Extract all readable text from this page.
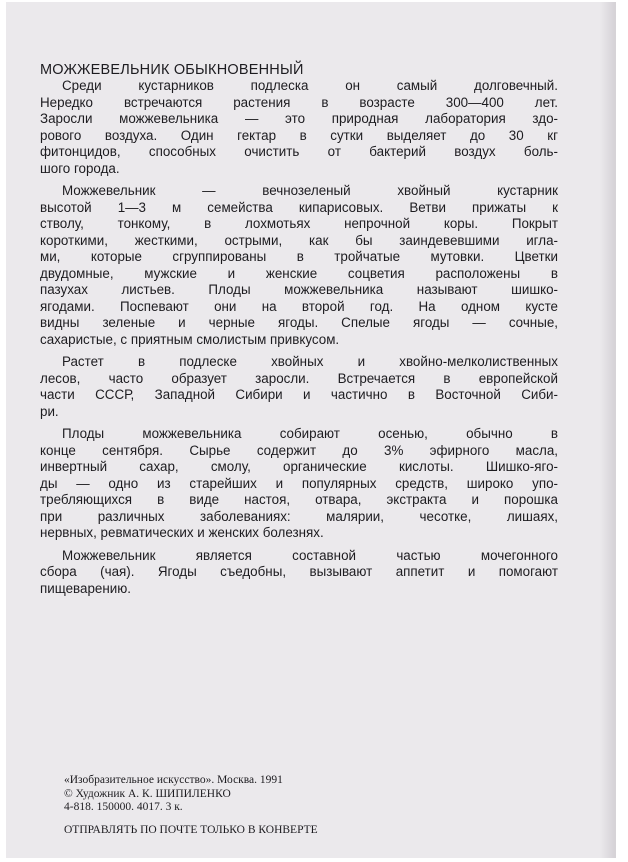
МОЖЖЕВЕЛЬНИК ОБЫКНОВЕННЫЙ
Среди кустарников подлеска он самый долговечный.
Нередко встречаются растения в возрасте 300—400 лет.
Заросли можжевельника — это природная лаборатория здо-
рового воздуха. Один гектар в сутки выделяет до 30 кг
фитонцидов, способных очистить от бактерий воздух боль-
шого города.
Можжевельник — вечнозеленый хвойный кустарник
высотой 1—3 м семейства кипарисовых. Ветви прижаты к
стволу, тонкому, в лохмотьях непрочной коры. Покрыт
короткими, жесткими, острыми, как бы заиндевевшими игла-
ми, которые сгруппированы в тройчатые мутовки. Цветки
двудомные, мужские и женские соцветия расположены в
пазухах листьев. Плоды можжевельника называют шишко-
ягодами. Поспевают они на второй год. На одном кусте
видны зеленые и черные ягоды. Спелые ягоды — сочные,
сахаристые, с приятным смолистым привкусом.
Растет в подлеске хвойных и хвойно-мелколиственных
лесов, часто образует заросли. Встречается в европейской
части СССР, Западной Сибири и частично в Восточной Сиби-
ри.
Плоды можжевельника собирают осенью, обычно в
конце сентября. Сырье содержит до 3% эфирного масла,
инвертный сахар, смолу, органические кислоты. Шишко-яго-
ды — одно из старейших и популярных средств, широко упо-
требляющихся в виде настоя, отвара, экстракта и порошка
при различных заболеваниях: малярии, чесотке, лишаях,
нервных, ревматических и женских болезнях.
Можжевельник является составной частью мочегонного
сбора (чая). Ягоды съедобны, вызывают аппетит и помогают
пищеварению.
«Изобразительное искусство». Москва. 1991
© Художник А. К. ШИПИЛЕНКО
4-818. 150000. 4017. 3 к.
ОТПРАВЛЯТЬ ПО ПОЧТЕ ТОЛЬКО В КОНВЕРТЕ
